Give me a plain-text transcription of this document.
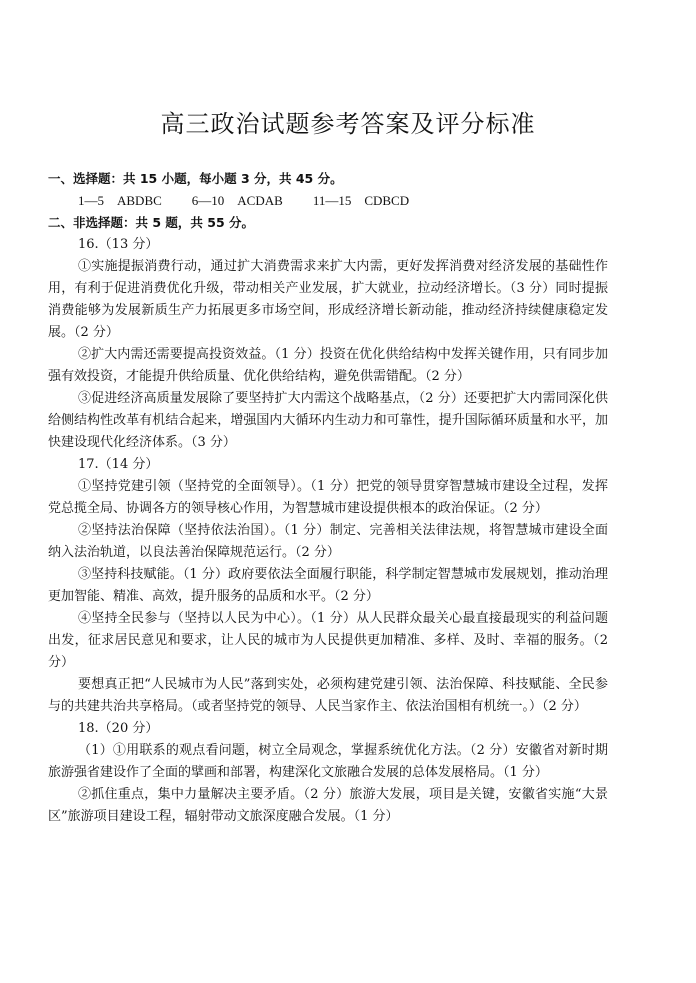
高三政治试题参考答案及评分标准

一、选择题：共 15 小题，每小题 3 分，共 45 分。

1—5　ABDBC 6—10　ACDAB 11—15　CDBCD

二、非选择题：共 5 题，共 55 分。

16.（13 分）

①实施提振消费行动，通过扩大消费需求来扩大内需，更好发挥消费对经济发展的基础性作用，有利于促进消费优化升级，带动相关产业发展，扩大就业，拉动经济增长。（3 分）同时提振消费能够为发展新质生产力拓展更多市场空间，形成经济增长新动能，推动经济持续健康稳定发展。（2 分）

②扩大内需还需要提高投资效益。（1 分）投资在优化供给结构中发挥关键作用，只有同步加强有效投资，才能提升供给质量、优化供给结构，避免供需错配。（2 分）

③促进经济高质量发展除了要坚持扩大内需这个战略基点，（2 分）还要把扩大内需同深化供给侧结构性改革有机结合起来，增强国内大循环内生动力和可靠性，提升国际循环质量和水平，加快建设现代化经济体系。（3 分）

17.（14 分）

①坚持党建引领（坚持党的全面领导）。（1 分）把党的领导贯穿智慧城市建设全过程，发挥党总揽全局、协调各方的领导核心作用，为智慧城市建设提供根本的政治保证。（2 分）

②坚持法治保障（坚持依法治国）。（1 分）制定、完善相关法律法规，将智慧城市建设全面纳入法治轨道，以良法善治保障规范运行。（2 分）

③坚持科技赋能。（1 分）政府要依法全面履行职能，科学制定智慧城市发展规划，推动治理更加智能、精准、高效，提升服务的品质和水平。（2 分）

④坚持全民参与（坚持以人民为中心）。（1 分）从人民群众最关心最直接最现实的利益问题出发，征求居民意见和要求，让人民的城市为人民提供更加精准、多样、及时、幸福的服务。（2 分）

要想真正把“人民城市为人民”落到实处，必须构建党建引领、法治保障、科技赋能、全民参与的共建共治共享格局。（或者坚持党的领导、人民当家作主、依法治国相有机统一。）（2 分）

18.（20 分）

（1）①用联系的观点看问题，树立全局观念，掌握系统优化方法。（2 分）安徽省对新时期旅游强省建设作了全面的擘画和部署，构建深化文旅融合发展的总体发展格局。（1 分）

②抓住重点，集中力量解决主要矛盾。（2 分）旅游大发展，项目是关键，安徽省实施“大景区”旅游项目建设工程，辐射带动文旅深度融合发展。（1 分）
